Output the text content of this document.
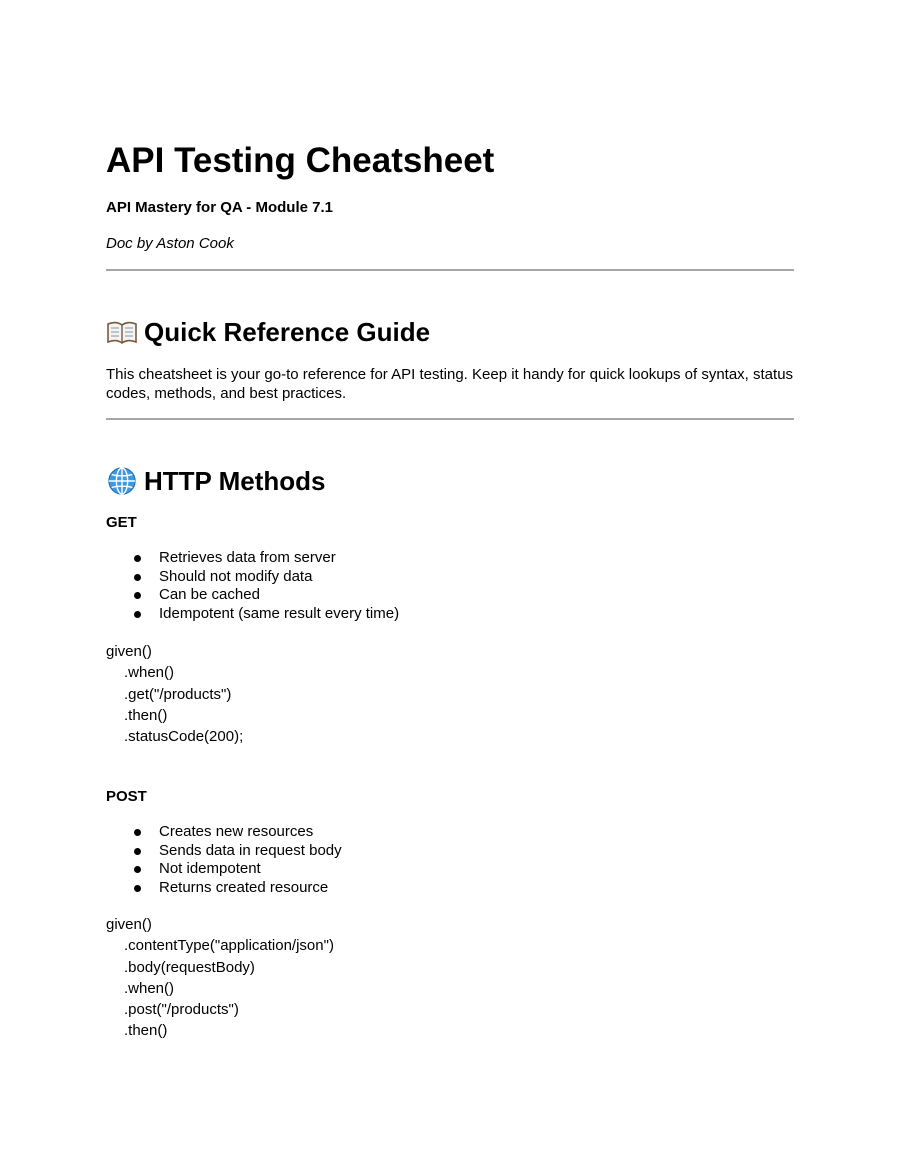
API Testing Cheatsheet

API Mastery for QA - Module 7.1

Doc by Aston Cook

Quick Reference Guide

This cheatsheet is your go-to reference for API testing. Keep it handy for quick lookups of syntax, status codes, methods, and best practices.

HTTP Methods

GET

Retrieves data from server
Should not modify data
Can be cached
Idempotent (same result every time)
given()
.when()
.get("/products")
.then()
.statusCode(200);

POST

Creates new resources
Sends data in request body
Not idempotent
Returns created resource
given()
.contentType("application/json")
.body(requestBody)
.when()
.post("/products")
.then()
